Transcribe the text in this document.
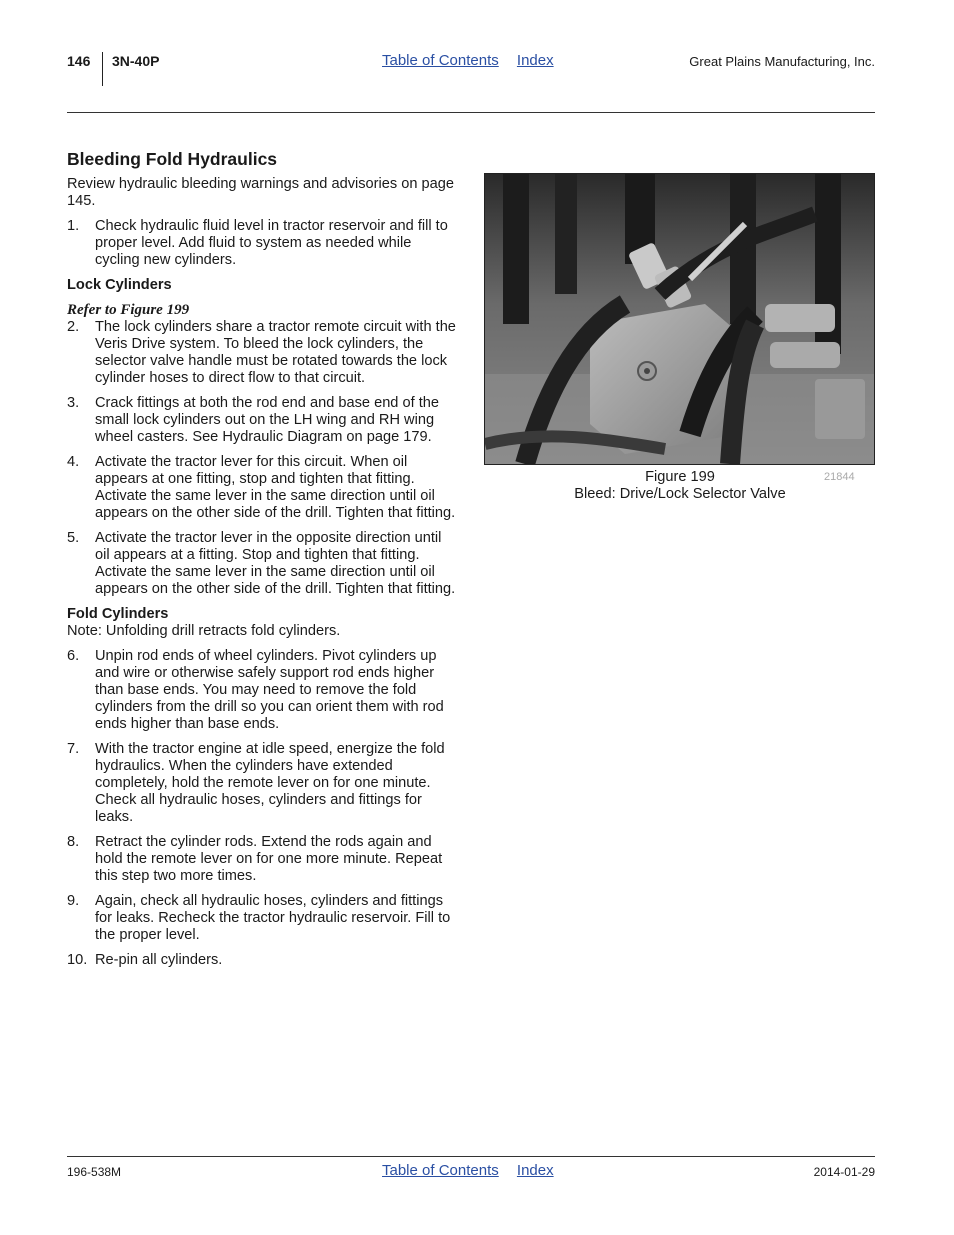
146 3N-40P	Table of Contents Index	Great Plains Manufacturing, Inc.
Bleeding Fold Hydraulics

Review hydraulic bleeding warnings and advisories on page 145.

1. Check hydraulic fluid level in tractor reservoir and fill to proper level. Add fluid to system as needed while cycling new cylinders.
Lock Cylinders

Refer to Figure 199

2. The lock cylinders share a tractor remote circuit with the Veris Drive system. To bleed the lock cylinders, the selector valve handle must be rotated towards the lock cylinder hoses to direct flow to that circuit.
3. Crack fittings at both the rod end and base end of the small lock cylinders out on the LH wing and RH wing wheel casters. See Hydraulic Diagram on page 179.
4. Activate the tractor lever for this circuit. When oil appears at one fitting, stop and tighten that fitting. Activate the same lever in the same direction until oil appears on the other side of the drill. Tighten that fitting.
5. Activate the tractor lever in the opposite direction until oil appears at a fitting. Stop and tighten that fitting. Activate the same lever in the same direction until oil appears on the other side of the drill. Tighten that fitting.
Fold Cylinders

Note: Unfolding drill retracts fold cylinders.

6. Unpin rod ends of wheel cylinders. Pivot cylinders up and wire or otherwise safely support rod ends higher than base ends. You may need to remove the fold cylinders from the drill so you can orient them with rod ends higher than base ends.
7. With the tractor engine at idle speed, energize the fold hydraulics. When the cylinders have extended completely, hold the remote lever on for one minute. Check all hydraulic hoses, cylinders and fittings for leaks.
8. Retract the cylinder rods. Extend the rods again and hold the remote lever on for one more minute. Repeat this step two more times.
9. Again, check all hydraulic hoses, cylinders and fittings for leaks. Recheck the tractor hydraulic reservoir. Fill to the proper level.
10. Re-pin all cylinders.
Figure 199
Bleed: Drive/Lock Selector Valve
21844
196-538M	Table of Contents Index	2014-01-29
